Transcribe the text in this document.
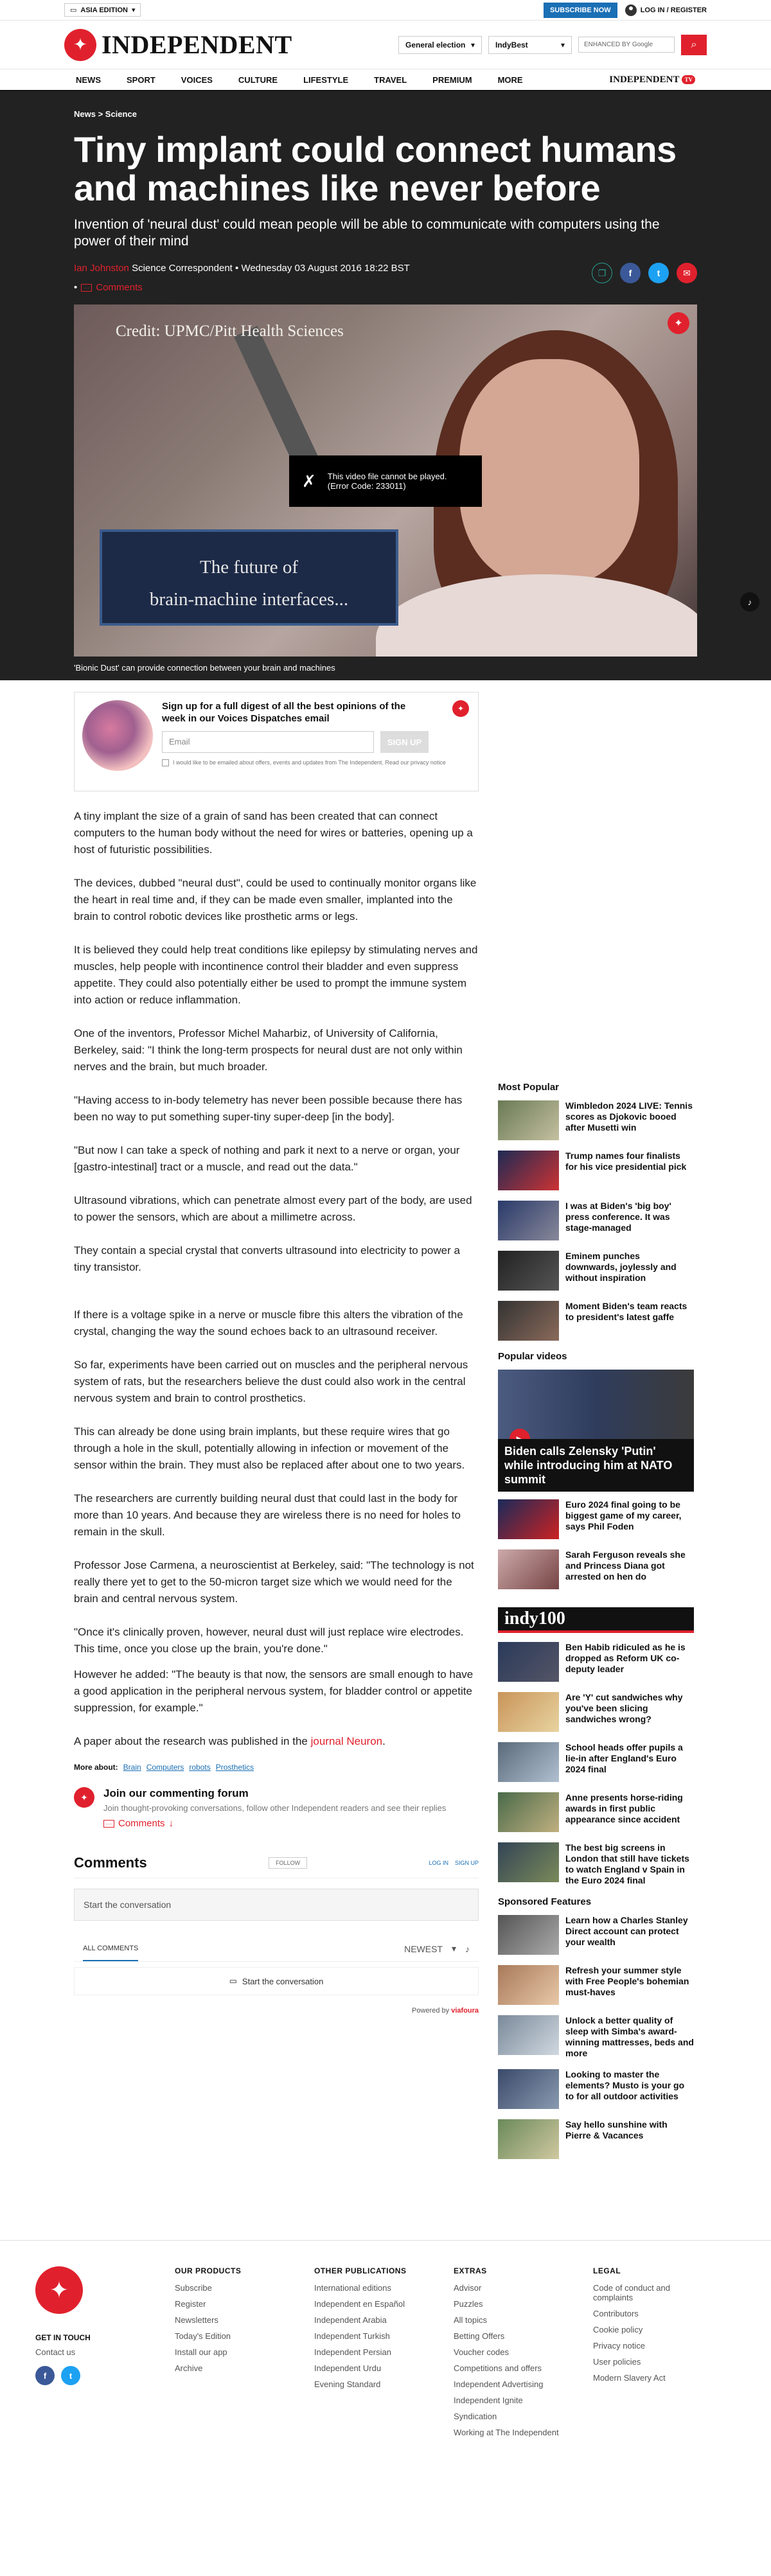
▭ ASIA EDITION ▾	SUBSCRIBE NOW	LOG IN / REGISTER
✦ INDEPENDENT	General election ▾	IndyBest	▾	ENHANCED BY Google	⌕
NEWS	SPORT	VOICES	CULTURE	LIFESTYLE	TRAVEL	PREMIUM	MORE	INDEPENDENT TV
News > Science
Tiny implant could connect humans and machines like never before
Invention of 'neural dust' could mean people will be able to communicate with computers using the power of their mind
Ian Johnston Science Correspondent • Wednesday 03 August 2016 18:22 BST	❐	f	t	✉
•	··· Comments
Credit: UPMC/Pitt Health Sciences
The future of
brain-machine interfaces...
✗ This video file cannot be played.
(Error Code: 233011)
✦
'Bionic Dust' can provide connection between your brain and machines
♪
Sign up for a full digest of all the best opinions of the week in our Voices Dispatches email
Email	SIGN UP
I would like to be emailed about offers, events and updates from The Independent. Read our privacy notice
✦

A tiny implant the size of a grain of sand has been created that can connect computers to the human body without the need for wires or batteries, opening up a host of futuristic possibilities.

The devices, dubbed "neural dust", could be used to continually monitor organs like the heart in real time and, if they can be made even smaller, implanted into the brain to control robotic devices like prosthetic arms or legs.

It is believed they could help treat conditions like epilepsy by stimulating nerves and muscles, help people with incontinence control their bladder and even suppress appetite. They could also potentially either be used to prompt the immune system into action or reduce inflammation.

One of the inventors, Professor Michel Maharbiz, of University of California, Berkeley, said: "I think the long-term prospects for neural dust are not only within nerves and the brain, but much broader.

"Having access to in-body telemetry has never been possible because there has been no way to put something super-tiny super-deep [in the body].

"But now I can take a speck of nothing and park it next to a nerve or organ, your [gastro-intestinal] tract or a muscle, and read out the data."

Ultrasound vibrations, which can penetrate almost every part of the body, are used to power the sensors, which are about a millimetre across.

They contain a special crystal that converts ultrasound into electricity to power a tiny transistor.

If there is a voltage spike in a nerve or muscle fibre this alters the vibration of the crystal, changing the way the sound echoes back to an ultrasound receiver.

So far, experiments have been carried out on muscles and the peripheral nervous system of rats, but the researchers believe the dust could also work in the central nervous system and brain to control prosthetics.

This can already be done using brain implants, but these require wires that go through a hole in the skull, potentially allowing in infection or movement of the sensor within the brain. They must also be replaced after about one to two years.

The researchers are currently building neural dust that could last in the body for more than 10 years. And because they are wireless there is no need for holes to remain in the skull.

Professor Jose Carmena, a neuroscientist at Berkeley, said: "The technology is not really there yet to get to the 50-micron target size which we would need for the brain and central nervous system.

"Once it's clinically proven, however, neural dust will just replace wire electrodes. This time, once you close up the brain, you're done."

However he added: "The beauty is that now, the sensors are small enough to have a good application in the peripheral nervous system, for bladder control or appetite suppression, for example."

A paper about the research was published in the journal Neuron.

More about: Brain Computers robots Prosthetics
✦	Join our commenting forum
Join thought-provoking conversations, follow other Independent readers and see their replies
··· Comments ↓
Comments	FOLLOW	LOG IN SIGN UP
Start the conversation
ALL COMMENTS	NEWEST ▾ ♪
▭ Start the conversation
Powered by viafoura
Most Popular
Wimbledon 2024 LIVE: Tennis scores as Djokovic booed after Musetti win
Trump names four finalists for his vice presidential pick
I was at Biden's 'big boy' press conference. It was stage-managed
Eminem punches downwards, joylessly and without inspiration
Moment Biden's team reacts to president's latest gaffe
Popular videos
Biden calls Zelensky 'Putin' while introducing him at NATO summit
Euro 2024 final going to be biggest game of my career, says Phil Foden
Sarah Ferguson reveals she and Princess Diana got arrested on hen do
indy100
Ben Habib ridiculed as he is dropped as Reform UK co-deputy leader
Are 'Y' cut sandwiches why you've been slicing sandwiches wrong?
School heads offer pupils a lie-in after England's Euro 2024 final
Anne presents horse-riding awards in first public appearance since accident
The best big screens in London that still have tickets to watch England v Spain in the Euro 2024 final
Sponsored Features
Learn how a Charles Stanley Direct account can protect your wealth
Refresh your summer style with Free People's bohemian must-haves
Unlock a better quality of sleep with Simba's award-winning mattresses, beds and more
Looking to master the elements? Musto is your go to for all outdoor activities
Say hello sunshine with Pierre & Vacances
✦
GET IN TOUCH
Contact us
f	t
OUR PRODUCTS
Subscribe
Register
Newsletters
Today's Edition
Install our app
Archive
OTHER PUBLICATIONS
International editions
Independent en Español
Independent Arabia
Independent Turkish
Independent Persian
Independent Urdu
Evening Standard
EXTRAS
Advisor
Puzzles
All topics
Betting Offers
Voucher codes
Competitions and offers
Independent Advertising
Independent Ignite
Syndication
Working at The Independent
LEGAL
Code of conduct and complaints
Contributors
Cookie policy
Privacy notice
User policies
Modern Slavery Act
